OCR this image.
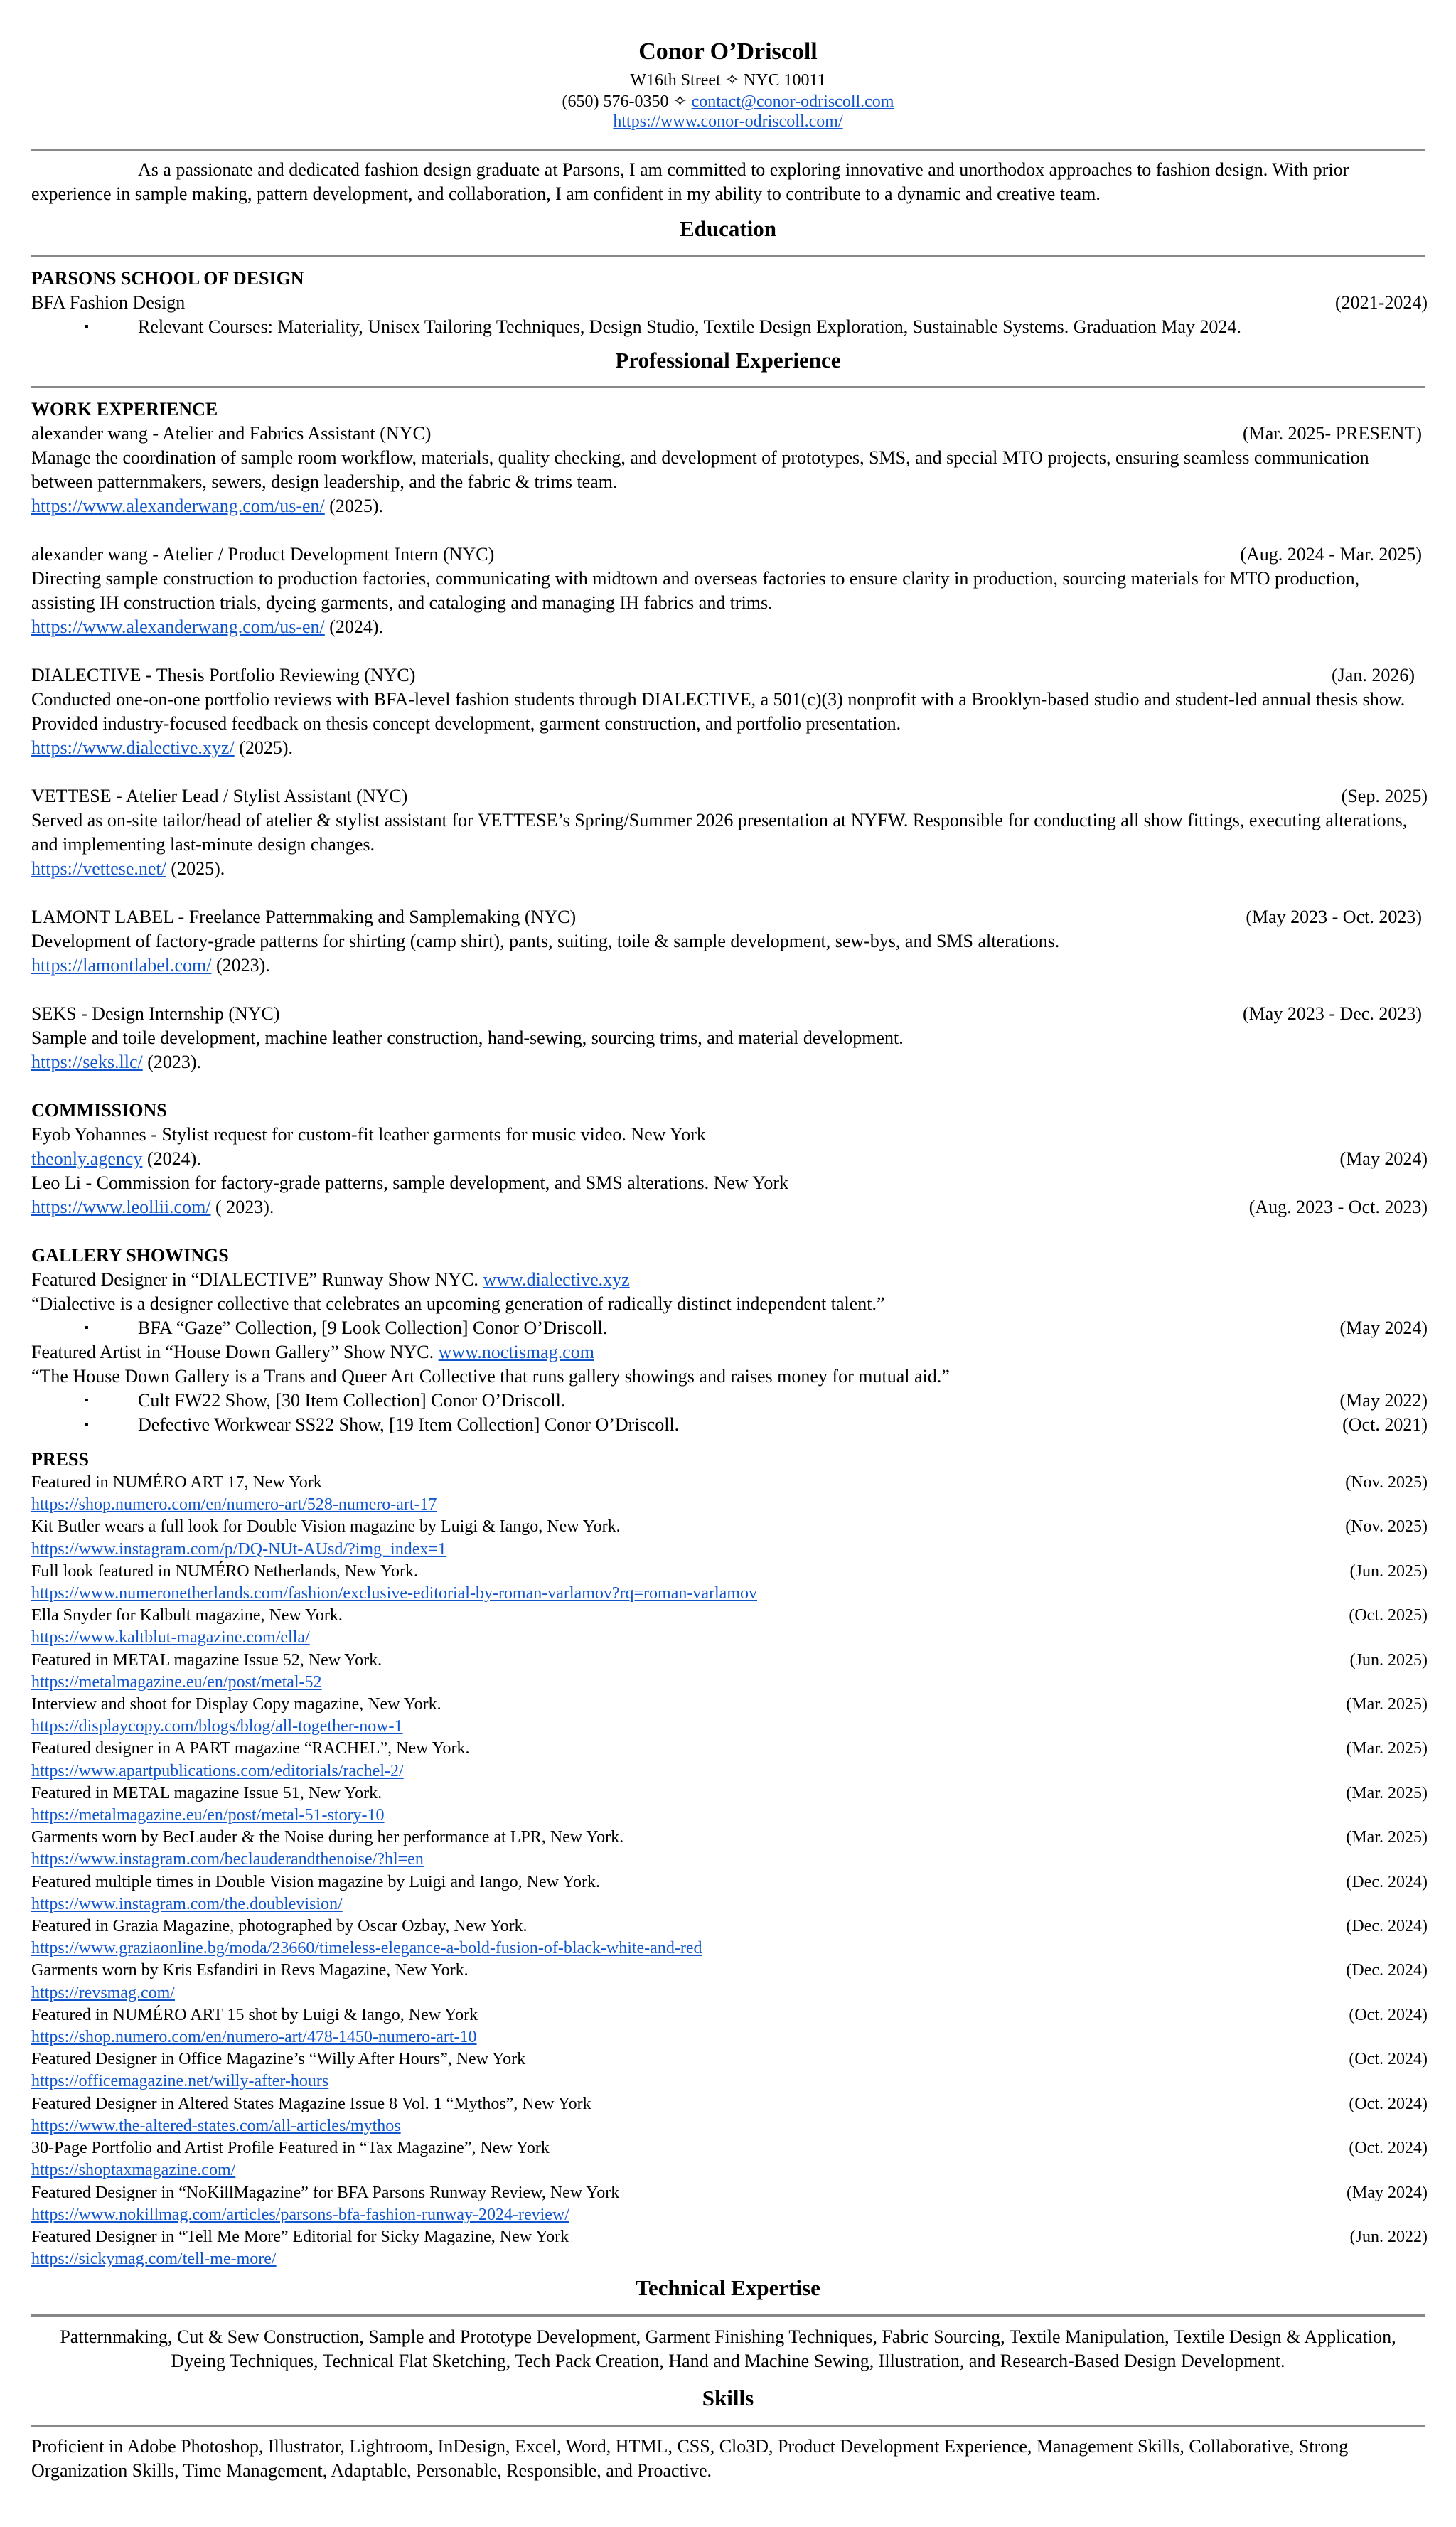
Conor O’Driscoll
W16th Street ✧ NYC 10011
(650) 576-0350 ✧ contact@conor-odriscoll.com
https://www.conor-odriscoll.com/
As a passionate and dedicated fashion design graduate at Parsons, I am committed to exploring innovative and unorthodox approaches to fashion design. With prior experience in sample making, pattern development, and collaboration, I am confident in my ability to contribute to a dynamic and creative team.
Education
PARSONS SCHOOL OF DESIGN
BFA Fashion Design	(2021-2024)
▪ Relevant Courses: Materiality, Unisex Tailoring Techniques, Design Studio, Textile Design Exploration, Sustainable Systems. Graduation May 2024.
Professional Experience
WORK EXPERIENCE
alexander wang - Atelier and Fabrics Assistant (NYC)	(Mar. 2025- PRESENT)

Manage the coordination of sample room workflow, materials, quality checking, and development of prototypes, SMS, and special MTO projects, ensuring seamless communication between patternmakers, sewers, design leadership, and the fabric & trims team.

https://www.alexanderwang.com/us-en/ (2025).
alexander wang - Atelier / Product Development Intern (NYC)	(Aug. 2024 - Mar. 2025)

Directing sample construction to production factories, communicating with midtown and overseas factories to ensure clarity in production, sourcing materials for MTO production, assisting IH construction trials, dyeing garments, and cataloging and managing IH fabrics and trims.

https://www.alexanderwang.com/us-en/ (2024).
DIALECTIVE - Thesis Portfolio Reviewing (NYC)	(Jan. 2026)

Conducted one-on-one portfolio reviews with BFA-level fashion students through DIALECTIVE, a 501(c)(3) nonprofit with a Brooklyn-based studio and student-led annual thesis show. Provided industry-focused feedback on thesis concept development, garment construction, and portfolio presentation.

https://www.dialective.xyz/ (2025).
VETTESE - Atelier Lead / Stylist Assistant (NYC)	(Sep. 2025)

Served as on-site tailor/head of atelier & stylist assistant for VETTESE’s Spring/Summer 2026 presentation at NYFW. Responsible for conducting all show fittings, executing alterations, and implementing last-minute design changes.

https://vettese.net/ (2025).
LAMONT LABEL - Freelance Patternmaking and Samplemaking (NYC)	(May 2023 - Oct. 2023)

Development of factory-grade patterns for shirting (camp shirt), pants, suiting, toile & sample development, sew-bys, and SMS alterations.

https://lamontlabel.com/ (2023).
SEKS - Design Internship (NYC)	(May 2023 - Dec. 2023)

Sample and toile development, machine leather construction, hand-sewing, sourcing trims, and material development.

https://seks.llc/ (2023).
COMMISSIONS
Eyob Yohannes - Stylist request for custom-fit leather garments for music video. New York
theonly.agency (2024).	(May 2024)
Leo Li - Commission for factory-grade patterns, sample development, and SMS alterations. New York
https://www.leollii.com/ ( 2023).	(Aug. 2023 - Oct. 2023)
GALLERY SHOWINGS
Featured Designer in “DIALECTIVE” Runway Show NYC. www.dialective.xyz
“Dialective is a designer collective that celebrates an upcoming generation of radically distinct independent talent.”
▪ BFA “Gaze” Collection, [9 Look Collection] Conor O’Driscoll.	(May 2024)
Featured Artist in “House Down Gallery” Show NYC. www.noctismag.com
“The House Down Gallery is a Trans and Queer Art Collective that runs gallery showings and raises money for mutual aid.”
▪ Cult FW22 Show, [30 Item Collection] Conor O’Driscoll.	(May 2022)
▪ Defective Workwear SS22 Show, [19 Item Collection] Conor O’Driscoll.	(Oct. 2021)
PRESS
Featured in NUMÉRO ART 17, New York	(Nov. 2025)
https://shop.numero.com/en/numero-art/528-numero-art-17
Kit Butler wears a full look for Double Vision magazine by Luigi & Iango, New York.	(Nov. 2025)
https://www.instagram.com/p/DQ-NUt-AUsd/?img_index=1
Full look featured in NUMÉRO Netherlands, New York.	(Jun. 2025)
https://www.numeronetherlands.com/fashion/exclusive-editorial-by-roman-varlamov?rq=roman-varlamov
Ella Snyder for Kalbult magazine, New York.	(Oct. 2025)
https://www.kaltblut-magazine.com/ella/
Featured in METAL magazine Issue 52, New York.	(Jun. 2025)
https://metalmagazine.eu/en/post/metal-52
Interview and shoot for Display Copy magazine, New York.	(Mar. 2025)
https://displaycopy.com/blogs/blog/all-together-now-1
Featured designer in A PART magazine “RACHEL”, New York.	(Mar. 2025)
https://www.apartpublications.com/editorials/rachel-2/
Featured in METAL magazine Issue 51, New York.	(Mar. 2025)
https://metalmagazine.eu/en/post/metal-51-story-10
Garments worn by BecLauder & the Noise during her performance at LPR, New York.	(Mar. 2025)
https://www.instagram.com/beclauderandthenoise/?hl=en
Featured multiple times in Double Vision magazine by Luigi and Iango, New York.	(Dec. 2024)
https://www.instagram.com/the.doublevision/
Featured in Grazia Magazine, photographed by Oscar Ozbay, New York.	(Dec. 2024)
https://www.graziaonline.bg/moda/23660/timeless-elegance-a-bold-fusion-of-black-white-and-red
Garments worn by Kris Esfandiri in Revs Magazine, New York.	(Dec. 2024)
https://revsmag.com/
Featured in NUMÉRO ART 15 shot by Luigi & Iango, New York	(Oct. 2024)
https://shop.numero.com/en/numero-art/478-1450-numero-art-10
Featured Designer in Office Magazine’s “Willy After Hours”, New York	(Oct. 2024)
https://officemagazine.net/willy-after-hours
Featured Designer in Altered States Magazine Issue 8 Vol. 1 “Mythos”, New York	(Oct. 2024)
https://www.the-altered-states.com/all-articles/mythos
30-Page Portfolio and Artist Profile Featured in “Tax Magazine”, New York	(Oct. 2024)
https://shoptaxmagazine.com/
Featured Designer in “NoKillMagazine” for BFA Parsons Runway Review, New York	(May 2024)
https://www.nokillmag.com/articles/parsons-bfa-fashion-runway-2024-review/
Featured Designer in “Tell Me More” Editorial for Sicky Magazine, New York	(Jun. 2022)
https://sickymag.com/tell-me-more/
Technical Expertise
Patternmaking, Cut & Sew Construction, Sample and Prototype Development, Garment Finishing Techniques, Fabric Sourcing, Textile Manipulation, Textile Design & Application, Dyeing Techniques, Technical Flat Sketching, Tech Pack Creation, Hand and Machine Sewing, Illustration, and Research-Based Design Development.
Skills
Proficient in Adobe Photoshop, Illustrator, Lightroom, InDesign, Excel, Word, HTML, CSS, Clo3D, Product Development Experience, Management Skills, Collaborative, Strong Organization Skills, Time Management, Adaptable, Personable, Responsible, and Proactive.
